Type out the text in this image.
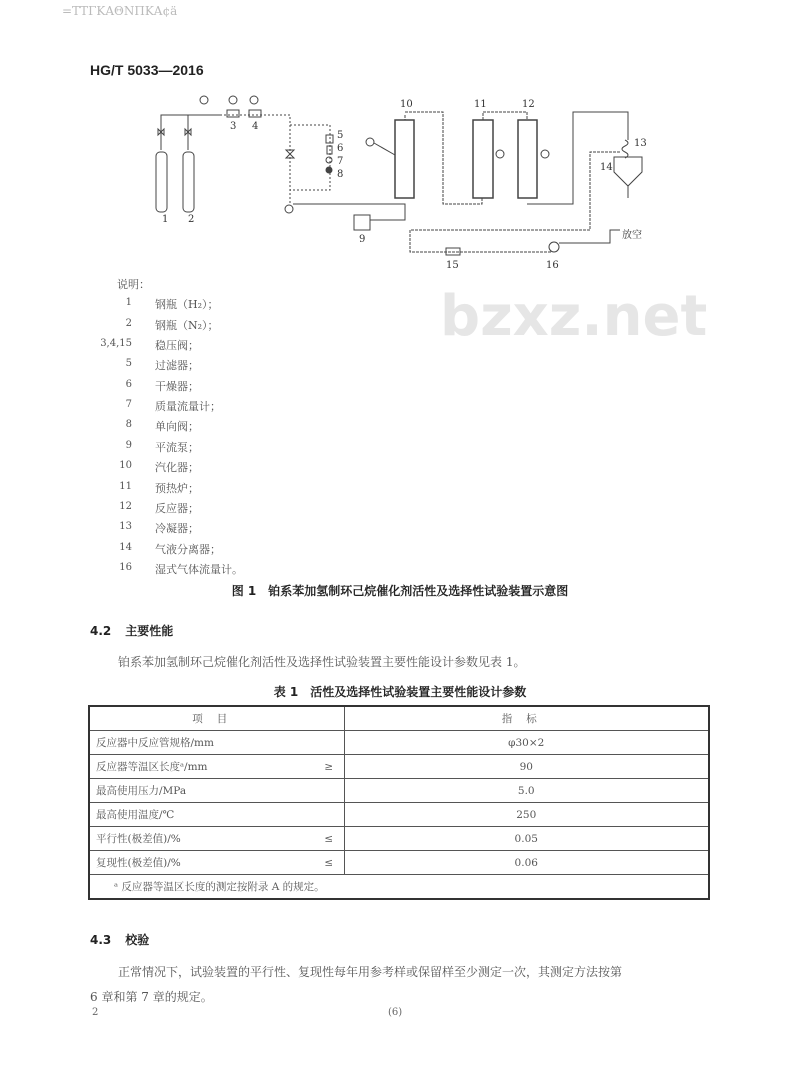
=ΤΤΓΚΑΘΝΠΚΑ¢ä
HG/T 5033—2016
bzxz.net
1 2
3 4
5
6
7
8
9
10	11	12
13
14
15	16
放空
说明：
1 钢瓶（H₂）；
2 钢瓶（N₂）；
3,4,15 稳压阀；
5 过滤器；
6 干燥器；
7 质量流量计；
8 单向阀；
9 平流泵；
10 汽化器；
11 预热炉；
12 反应器；
13 冷凝器；
14 气液分离器；
16 湿式气体流量计。
图 1　铂系苯加氢制环己烷催化剂活性及选择性试验装置示意图
4.2 主要性能
铂系苯加氢制环己烷催化剂活性及选择性试验装置主要性能设计参数见表 1。
表 1　活性及选择性试验装置主要性能设计参数
项目		指标
反应器中反应管规格/mm		φ30×2
反应器等温区长度ᵃ/mm	≥	90
最高使用压力/MPa		5.0
最高使用温度/℃		250
平行性(极差值)/%	≤	0.05
复现性(极差值)/%	≤	0.06
ᵃ 反应器等温区长度的测定按附录 A 的规定。		
4.3 校验
正常情况下，试验装置的平行性、复现性每年用参考样或保留样至少测定一次，其测定方法按第
6 章和第 7 章的规定。
2	(6)
